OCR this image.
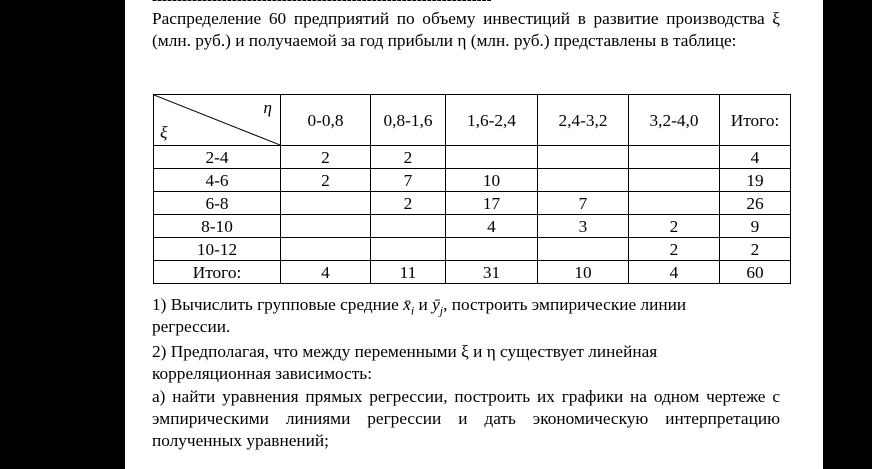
--------------------------------------------------------------------
Распределение 60 предприятий по объему инвестиций в развитие производства ξ (млн. руб.) и получаемой за год прибыли η (млн. руб.) представлены в таблице:
η
ξ	0-0,8	0,8-1,6	1,6-2,4	2,4-3,2	3,2-4,0	Итого:
2-4	2	2				4
4-6	2	7	10			19
6-8		2	17	7		26
8-10			4	3	2	9
10-12					2	2
Итого:	4	11	31	10	4	60
1) Вычислить групповые средние $x̄_i$ и $ȳ_j$, построить эмпирические линии
регрессии.
2) Предполагая, что между переменными ξ и η существует линейная
корреляционная зависимость:
а) найти уравнения прямых регрессии, построить их графики на одном чертеже с эмпирическими линиями регрессии и дать экономическую интерпретацию полученных уравнений;
